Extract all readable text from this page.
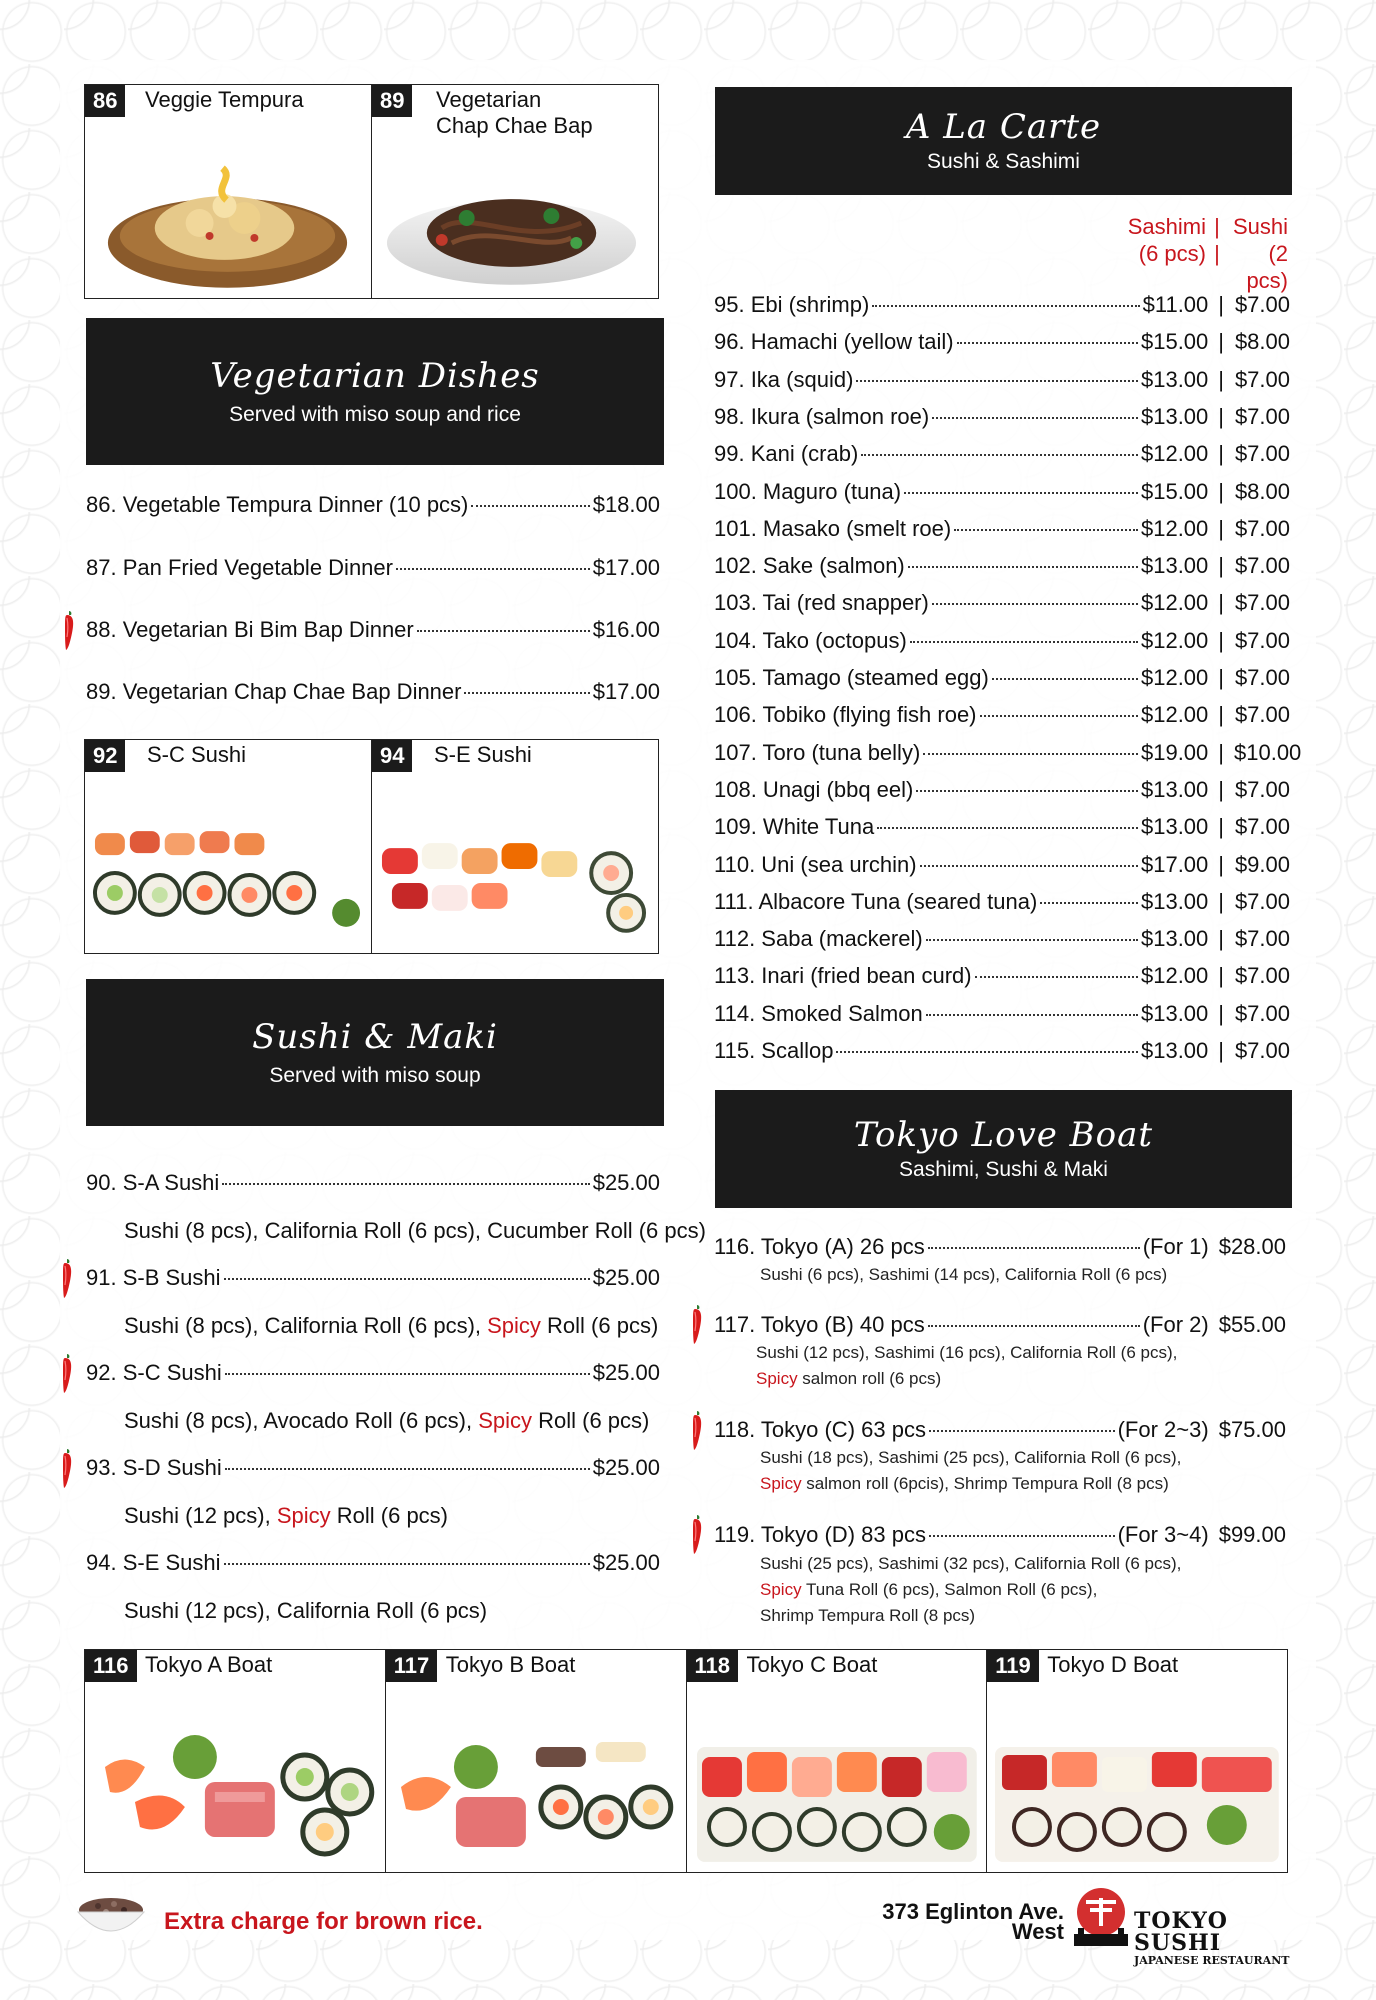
86	Veggie Tempura	89	Vegetarian
Chap Chae Bap
Vegetarian Dishes
Served with miso soup and rice
86. Vegetable Tempura Dinner (10 pcs)	$18.00
87. Pan Fried Vegetable Dinner	$17.00
88. Vegetarian Bi Bim Bap Dinner	$16.00
89. Vegetarian Chap Chae Bap Dinner	$17.00
92	S-C Sushi	94	S-E Sushi
Sushi & Maki
Served with miso soup
90. S-A Sushi	$25.00
Sushi (8 pcs), California Roll (6 pcs), Cucumber Roll (6 pcs)
91. S-B Sushi	$25.00
Sushi (8 pcs), California Roll (6 pcs), Spicy Roll (6 pcs)
92. S-C Sushi	$25.00
Sushi (8 pcs), Avocado Roll (6 pcs), Spicy Roll (6 pcs)
93. S-D Sushi	$25.00
Sushi (12 pcs), Spicy Roll (6 pcs)
94. S-E Sushi	$25.00
Sushi (12 pcs), California Roll (6 pcs)
A La Carte
Sushi & Sashimi
Sashimi
(6 pcs)
|
|
Sushi
(2 pcs)
95. Ebi (shrimp)	$11.00 | $7.00
96. Hamachi (yellow tail)	$15.00 | $8.00
97. Ika (squid)	$13.00 | $7.00
98. Ikura (salmon roe)	$13.00 | $7.00
99. Kani (crab)	$12.00 | $7.00
100. Maguro (tuna)	$15.00 | $8.00
101. Masako (smelt roe)	$12.00 | $7.00
102. Sake (salmon)	$13.00 | $7.00
103. Tai (red snapper)	$12.00 | $7.00
104. Tako (octopus)	$12.00 | $7.00
105. Tamago (steamed egg)	$12.00 | $7.00
106. Tobiko (flying fish roe)	$12.00 | $7.00
107. Toro (tuna belly)	$19.00 | $10.00
108. Unagi (bbq eel)	$13.00 | $7.00
109. White Tuna	$13.00 | $7.00
110. Uni (sea urchin)	$17.00 | $9.00
111. Albacore Tuna (seared tuna)	$13.00 | $7.00
112. Saba (mackerel)	$13.00 | $7.00
113. Inari (fried bean curd)	$12.00 | $7.00
114. Smoked Salmon	$13.00 | $7.00
115. Scallop	$13.00 | $7.00
Tokyo Love Boat
Sashimi, Sushi & Maki
116. Tokyo (A) 26 pcs	(For 1) $28.00
Sushi (6 pcs), Sashimi (14 pcs), California Roll (6 pcs)
117. Tokyo (B) 40 pcs	(For 2) $55.00
Sushi (12 pcs), Sashimi (16 pcs), California Roll (6 pcs),
Spicy salmon roll (6 pcs)
118. Tokyo (C) 63 pcs	(For 2~3) $75.00
Sushi (18 pcs), Sashimi (25 pcs), California Roll (6 pcs),
Spicy salmon roll (6pcis), Shrimp Tempura Roll (8 pcs)
119. Tokyo (D) 83 pcs	(For 3~4) $99.00
Sushi (25 pcs), Sashimi (32 pcs), California Roll (6 pcs),
Spicy Tuna Roll (6 pcs), Salmon Roll (6 pcs),
Shrimp Tempura Roll (8 pcs)
116 Tokyo A Boat	117 Tokyo B Boat	118 Tokyo C Boat	119 Tokyo D Boat
Extra charge for brown rice.	373 Eglinton Ave.
West	TOKYO SUSHI
JAPANESE RESTAURANT
